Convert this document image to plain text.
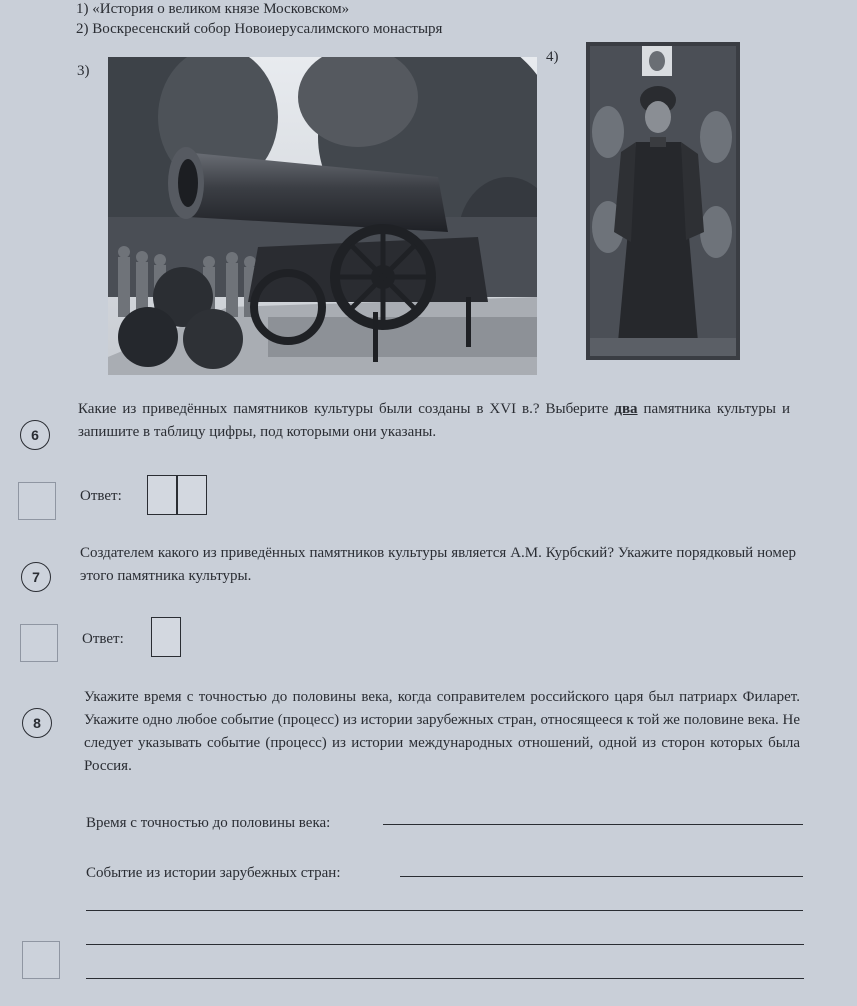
1) «История о великом князе Московском»
2) Воскресенский собор Новоиерусалимского монастыря
3)
4)
6
Какие из приведённых памятников культуры были созданы в XVI в.? Выберите два памятника культуры и запишите в таблицу цифры, под которыми они указаны.
Ответ:
7
Создателем какого из приведённых памятников культуры является А.М. Курбский? Укажите порядковый номер этого памятника культуры.
Ответ:
8
Укажите время с точностью до половины века, когда соправителем российского царя был патриарх Филарет. Укажите одно любое событие (процесс) из истории зарубежных стран, относящееся к той же половине века. Не следует указывать событие (процесс) из истории международных отношений, одной из сторон которых была Россия.
Время с точностью до половины века:
Событие из истории зарубежных стран:
